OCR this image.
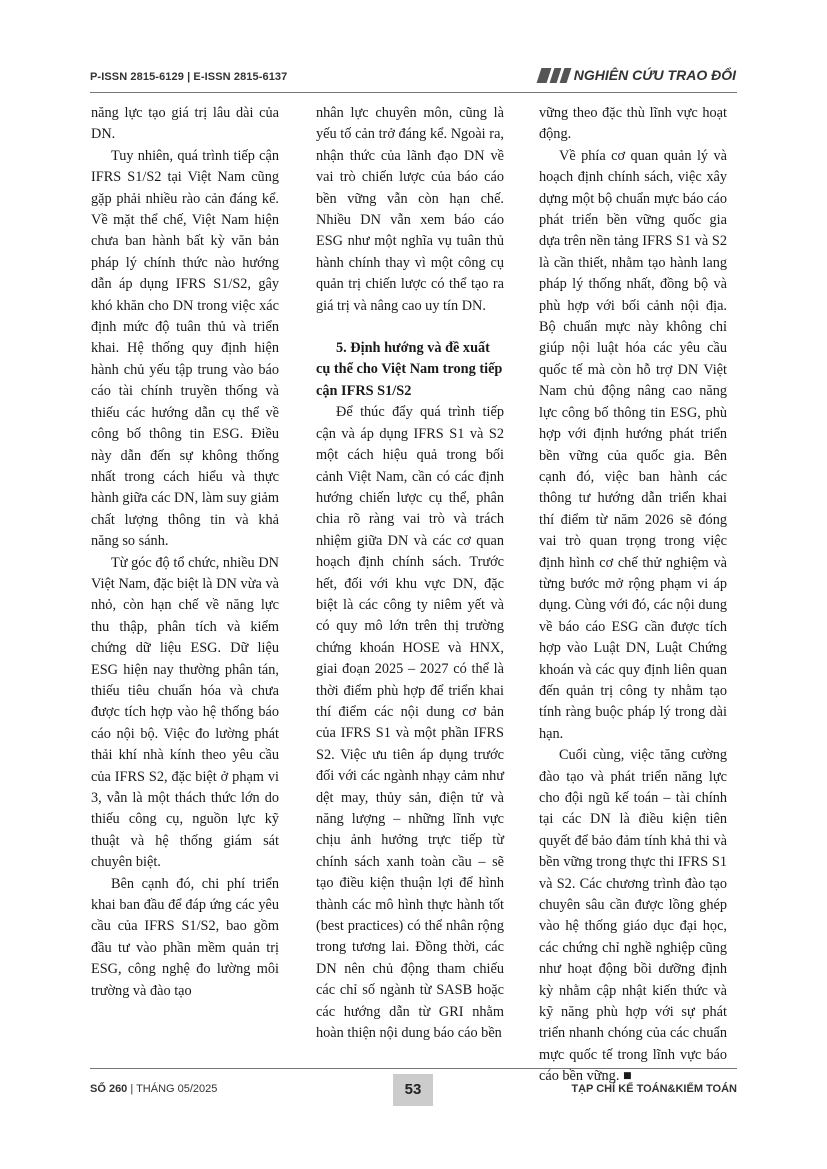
P-ISSN 2815-6129 | E-ISSN 2815-6137	NGHIÊN CỨU TRAO ĐỔI

năng lực tạo giá trị lâu dài của DN.

Tuy nhiên, quá trình tiếp cận IFRS S1/S2 tại Việt Nam cũng gặp phải nhiều rào cản đáng kể. Về mặt thể chế, Việt Nam hiện chưa ban hành bất kỳ văn bản pháp lý chính thức nào hướng dẫn áp dụng IFRS S1/S2, gây khó khăn cho DN trong việc xác định mức độ tuân thủ và triển khai. Hệ thống quy định hiện hành chủ yếu tập trung vào báo cáo tài chính truyền thống và thiếu các hướng dẫn cụ thể về công bố thông tin ESG. Điều này dẫn đến sự không thống nhất trong cách hiểu và thực hành giữa các DN, làm suy giảm chất lượng thông tin và khả năng so sánh.

Từ góc độ tổ chức, nhiều DN Việt Nam, đặc biệt là DN vừa và nhỏ, còn hạn chế về năng lực thu thập, phân tích và kiểm chứng dữ liệu ESG. Dữ liệu ESG hiện nay thường phân tán, thiếu tiêu chuẩn hóa và chưa được tích hợp vào hệ thống báo cáo nội bộ. Việc đo lường phát thải khí nhà kính theo yêu cầu của IFRS S2, đặc biệt ở phạm vi 3, vẫn là một thách thức lớn do thiếu công cụ, nguồn lực kỹ thuật và hệ thống giám sát chuyên biệt.

Bên cạnh đó, chi phí triển khai ban đầu để đáp ứng các yêu cầu của IFRS S1/S2, bao gồm đầu tư vào phần mềm quản trị ESG, công nghệ đo lường môi trường và đào tạo

nhân lực chuyên môn, cũng là yếu tố cản trở đáng kể. Ngoài ra, nhận thức của lãnh đạo DN về vai trò chiến lược của báo cáo bền vững vẫn còn hạn chế. Nhiều DN vẫn xem báo cáo ESG như một nghĩa vụ tuân thủ hành chính thay vì một công cụ quản trị chiến lược có thể tạo ra giá trị và nâng cao uy tín DN.

5. Định hướng và đề xuất cụ thể cho Việt Nam trong tiếp cận IFRS S1/S2

Để thúc đẩy quá trình tiếp cận và áp dụng IFRS S1 và S2 một cách hiệu quả trong bối cảnh Việt Nam, cần có các định hướng chiến lược cụ thể, phân chia rõ ràng vai trò và trách nhiệm giữa DN và các cơ quan hoạch định chính sách. Trước hết, đối với khu vực DN, đặc biệt là các công ty niêm yết và có quy mô lớn trên thị trường chứng khoán HOSE và HNX, giai đoạn 2025 – 2027 có thể là thời điểm phù hợp để triển khai thí điểm các nội dung cơ bản của IFRS S1 và một phần IFRS S2. Việc ưu tiên áp dụng trước đối với các ngành nhạy cảm như dệt may, thủy sản, điện tử và năng lượng – những lĩnh vực chịu ảnh hưởng trực tiếp từ chính sách xanh toàn cầu – sẽ tạo điều kiện thuận lợi để hình thành các mô hình thực hành tốt (best practices) có thể nhân rộng trong tương lai. Đồng thời, các DN nên chủ động tham chiếu các chỉ số ngành từ SASB hoặc các hướng dẫn từ GRI nhằm hoàn thiện nội dung báo cáo bền

vững theo đặc thù lĩnh vực hoạt động.

Về phía cơ quan quản lý và hoạch định chính sách, việc xây dựng một bộ chuẩn mực báo cáo phát triển bền vững quốc gia dựa trên nền tảng IFRS S1 và S2 là cần thiết, nhằm tạo hành lang pháp lý thống nhất, đồng bộ và phù hợp với bối cảnh nội địa. Bộ chuẩn mực này không chỉ giúp nội luật hóa các yêu cầu quốc tế mà còn hỗ trợ DN Việt Nam chủ động nâng cao năng lực công bố thông tin ESG, phù hợp với định hướng phát triển bền vững của quốc gia. Bên cạnh đó, việc ban hành các thông tư hướng dẫn triển khai thí điểm từ năm 2026 sẽ đóng vai trò quan trọng trong việc định hình cơ chế thử nghiệm và từng bước mở rộng phạm vi áp dụng. Cùng với đó, các nội dung về báo cáo ESG cần được tích hợp vào Luật DN, Luật Chứng khoán và các quy định liên quan đến quản trị công ty nhằm tạo tính ràng buộc pháp lý trong dài hạn.

Cuối cùng, việc tăng cường đào tạo và phát triển năng lực cho đội ngũ kế toán – tài chính tại các DN là điều kiện tiên quyết để bảo đảm tính khả thi và bền vững trong thực thi IFRS S1 và S2. Các chương trình đào tạo chuyên sâu cần được lồng ghép vào hệ thống giáo dục đại học, các chứng chỉ nghề nghiệp cũng như hoạt động bồi dưỡng định kỳ nhằm cập nhật kiến thức và kỹ năng phù hợp với sự phát triển nhanh chóng của các chuẩn mực quốc tế trong lĩnh vực báo cáo bền vững. ■

SỐ 260 | THÁNG 05/2025	53	TẠP CHÍ KẾ TOÁN&KIỂM TOÁN
